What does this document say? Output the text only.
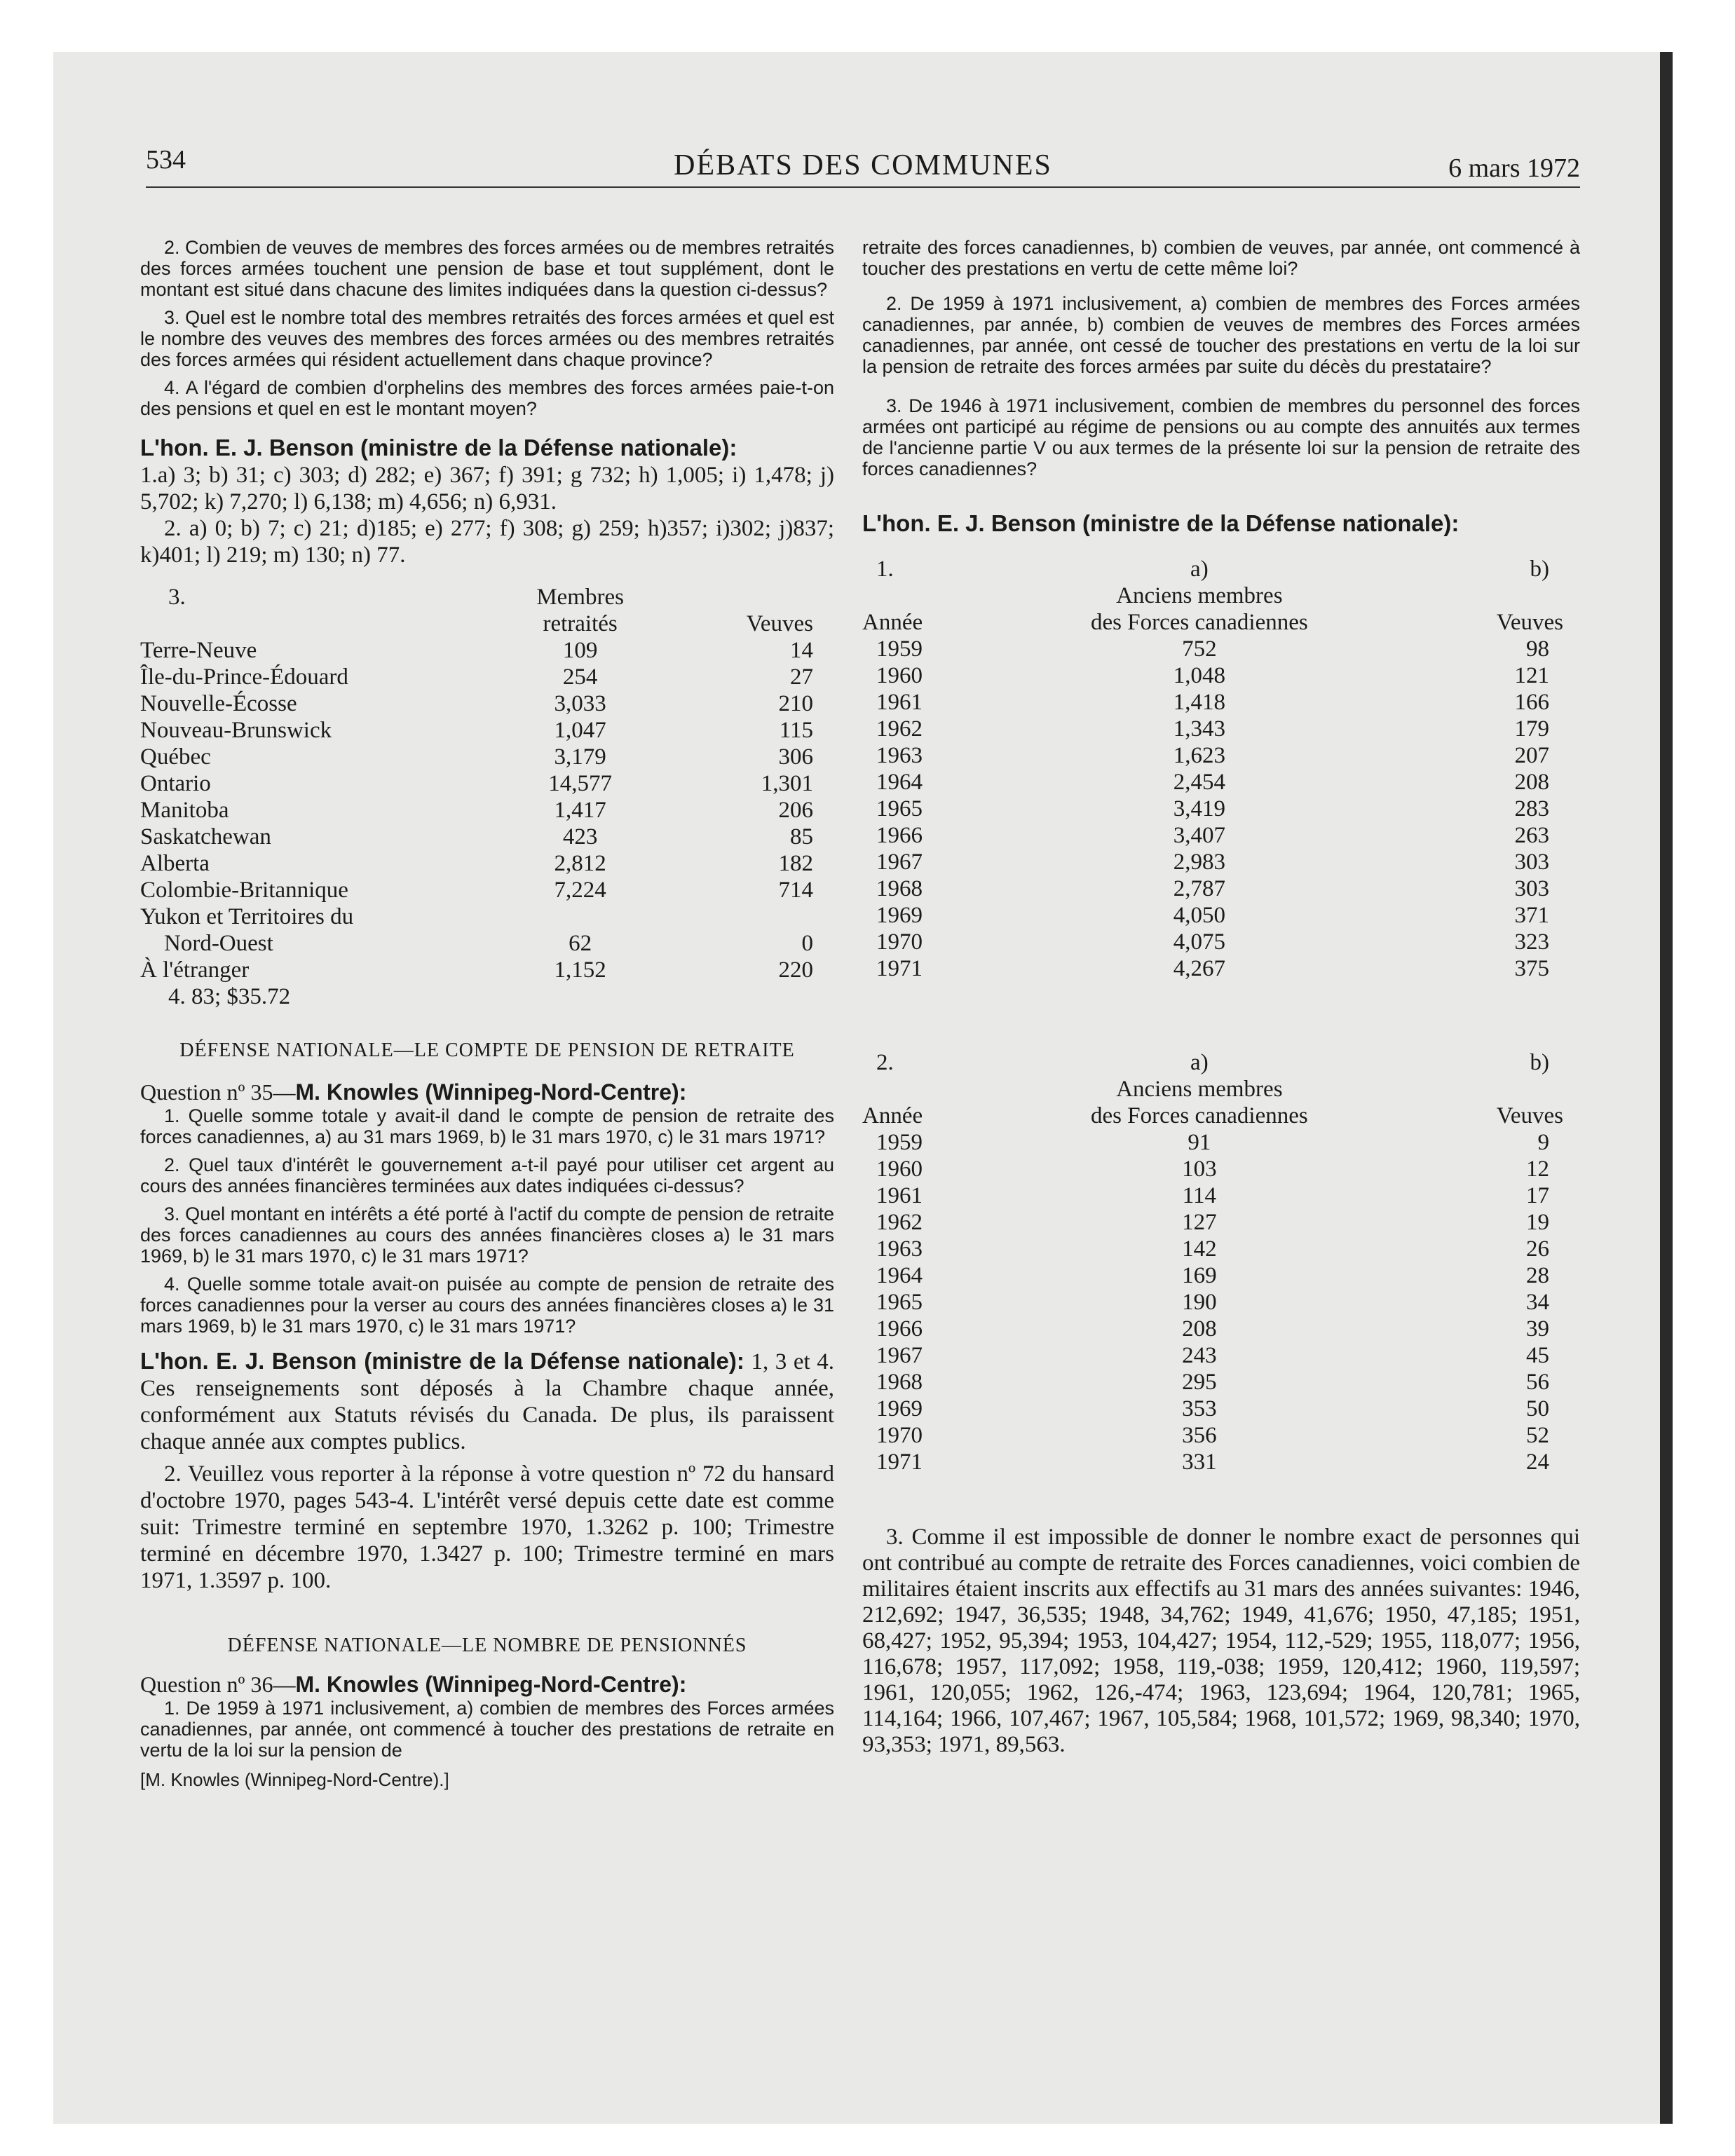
534	DÉBATS DES COMMUNES	6 mars 1972

2. Combien de veuves de membres des forces armées ou de membres retraités des forces armées touchent une pension de base et tout supplément, dont le montant est situé dans chacune des limites indiquées dans la question ci-dessus?

3. Quel est le nombre total des membres retraités des forces armées et quel est le nombre des veuves des membres des forces armées ou des membres retraités des forces armées qui résident actuellement dans chaque province?

4. A l'égard de combien d'orphelins des membres des forces armées paie-t-on des pensions et quel en est le montant moyen?

L'hon. E. J. Benson (ministre de la Défense nationale):

1.a) 3; b) 31; c) 303; d) 282; e) 367; f) 391; g 732; h) 1,005; i) 1,478; j) 5,702; k) 7,270; l) 6,138; m) 4,656; n) 6,931.

2. a) 0; b) 7; c) 21; d)185; e) 277; f) 308; g) 259; h)357; i)302; j)837; k)401; l) 219; m) 130; n) 77.

3.	Membres	
	retraités	Veuves
Terre-Neuve	109	14
Île-du-Prince-Édouard	254	27
Nouvelle-Écosse	3,033	210
Nouveau-Brunswick	1,047	115
Québec	3,179	306
Ontario	14,577	1,301
Manitoba	1,417	206
Saskatchewan	423	85
Alberta	2,812	182
Colombie-Britannique	7,224	714
Yukon et Territoires du		
Nord-Ouest	62	0
À l'étranger	1,152	220

4. 83; $35.72

DÉFENSE NATIONALE—LE COMPTE DE PENSION DE RETRAITE

Question nº 35—M. Knowles (Winnipeg-Nord-Centre):

1. Quelle somme totale y avait-il dand le compte de pension de retraite des forces canadiennes, a) au 31 mars 1969, b) le 31 mars 1970, c) le 31 mars 1971?

2. Quel taux d'intérêt le gouvernement a-t-il payé pour utiliser cet argent au cours des années financières terminées aux dates indiquées ci-dessus?

3. Quel montant en intérêts a été porté à l'actif du compte de pension de retraite des forces canadiennes au cours des années financières closes a) le 31 mars 1969, b) le 31 mars 1970, c) le 31 mars 1971?

4. Quelle somme totale avait-on puisée au compte de pension de retraite des forces canadiennes pour la verser au cours des années financières closes a) le 31 mars 1969, b) le 31 mars 1970, c) le 31 mars 1971?

L'hon. E. J. Benson (ministre de la Défense nationale): 1, 3 et 4. Ces renseignements sont déposés à la Chambre chaque année, conformément aux Statuts révisés du Canada. De plus, ils paraissent chaque année aux comptes publics.

2. Veuillez vous reporter à la réponse à votre question nº 72 du hansard d'octobre 1970, pages 543-4. L'intérêt versé depuis cette date est comme suit: Trimestre terminé en septembre 1970, 1.3262 p. 100; Trimestre terminé en décembre 1970, 1.3427 p. 100; Trimestre terminé en mars 1971, 1.3597 p. 100.

DÉFENSE NATIONALE—LE NOMBRE DE PENSIONNÉS

Question nº 36—M. Knowles (Winnipeg-Nord-Centre):

1. De 1959 à 1971 inclusivement, a) combien de membres des Forces armées canadiennes, par année, ont commencé à toucher des prestations de retraite en vertu de la loi sur la pension de

[M. Knowles (Winnipeg-Nord-Centre).]

retraite des forces canadiennes, b) combien de veuves, par année, ont commencé à toucher des prestations en vertu de cette même loi?

2. De 1959 à 1971 inclusivement, a) combien de membres des Forces armées canadiennes, par année, b) combien de veuves de membres des Forces armées canadiennes, par année, ont cessé de toucher des prestations en vertu de la loi sur la pension de retraite des forces armées par suite du décès du prestataire?

3. De 1946 à 1971 inclusivement, combien de membres du personnel des forces armées ont participé au régime de pensions ou au compte des annuités aux termes de l'ancienne partie V ou aux termes de la présente loi sur la pension de retraite des forces canadiennes?

L'hon. E. J. Benson (ministre de la Défense nationale):

1.	a)	b)
	Anciens membres	
Année	des Forces canadiennes	Veuves
1959	752	98
1960	1,048	121
1961	1,418	166
1962	1,343	179
1963	1,623	207
1964	2,454	208
1965	3,419	283
1966	3,407	263
1967	2,983	303
1968	2,787	303
1969	4,050	371
1970	4,075	323
1971	4,267	375
2.	a)	b)
	Anciens membres	
Année	des Forces canadiennes	Veuves
1959	91	9
1960	103	12
1961	114	17
1962	127	19
1963	142	26
1964	169	28
1965	190	34
1966	208	39
1967	243	45
1968	295	56
1969	353	50
1970	356	52
1971	331	24

3. Comme il est impossible de donner le nombre exact de personnes qui ont contribué au compte de retraite des Forces canadiennes, voici combien de militaires étaient inscrits aux effectifs au 31 mars des années suivantes: 1946, 212,692; 1947, 36,535; 1948, 34,762; 1949, 41,676; 1950, 47,185; 1951, 68,427; 1952, 95,394; 1953, 104,427; 1954, 112,-529; 1955, 118,077; 1956, 116,678; 1957, 117,092; 1958, 119,-038; 1959, 120,412; 1960, 119,597; 1961, 120,055; 1962, 126,-474; 1963, 123,694; 1964, 120,781; 1965, 114,164; 1966, 107,467; 1967, 105,584; 1968, 101,572; 1969, 98,340; 1970, 93,353; 1971, 89,563.
